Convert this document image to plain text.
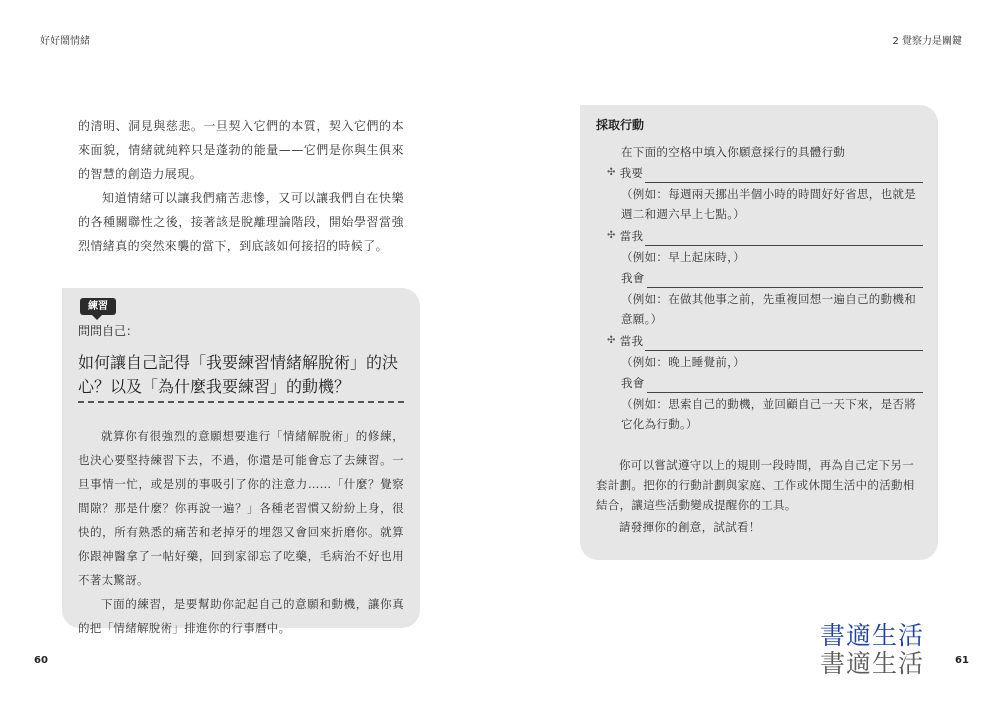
好好鬧情緒	2 覺察力是關鍵

的清明、洞見與慈悲。一旦契入它們的本質，契入它們的本來面貌，情緒就純粹只是蓬勃的能量——它們是你與生俱來的智慧的創造力展現。

知道情緒可以讓我們痛苦悲慘，又可以讓我們自在快樂的各種關聯性之後，接著該是脫離理論階段，開始學習當強烈情緒真的突然來襲的當下，到底該如何接招的時候了。

練習
問問自己：
如何讓自己記得「我要練習情緒解脫術」的決心？以及「為什麼我要練習」的動機？

就算你有很強烈的意願想要進行「情緒解脫術」的修練，也決心要堅持練習下去，不過，你還是可能會忘了去練習。一旦事情一忙，或是別的事吸引了你的注意力……「什麼？覺察間隙？那是什麼？你再說一遍？」各種老習慣又紛紛上身，很快的，所有熟悉的痛苦和老掉牙的埋怨又會回來折磨你。就算你跟神醫拿了一帖好藥，回到家卻忘了吃藥，毛病治不好也用不著太驚訝。

下面的練習，是要幫助你記起自己的意願和動機，讓你真的把「情緒解脫術」排進你的行事曆中。

60
採取行動
在下面的空格中填入你願意採行的具體行動
✣ 我要
（例如：每週兩天挪出半個小時的時間好好省思，也就是週二和週六早上七點。）
✣ 當我
（例如：早上起床時，）
我會
（例如：在做其他事之前，先重複回想一遍自己的動機和意願。）
✣ 當我
（例如：晚上睡覺前，）
我會
（例如：思索自己的動機，並回顧自己一天下來，是否將它化為行動。）
你可以嘗試遵守以上的規則一段時間，再為自己定下另一套計劃。把你的行動計劃與家庭、工作或休閒生活中的活動相結合，讓這些活動變成提醒你的工具。
請發揮你的創意，試試看！
61
書適生活
書適生活
